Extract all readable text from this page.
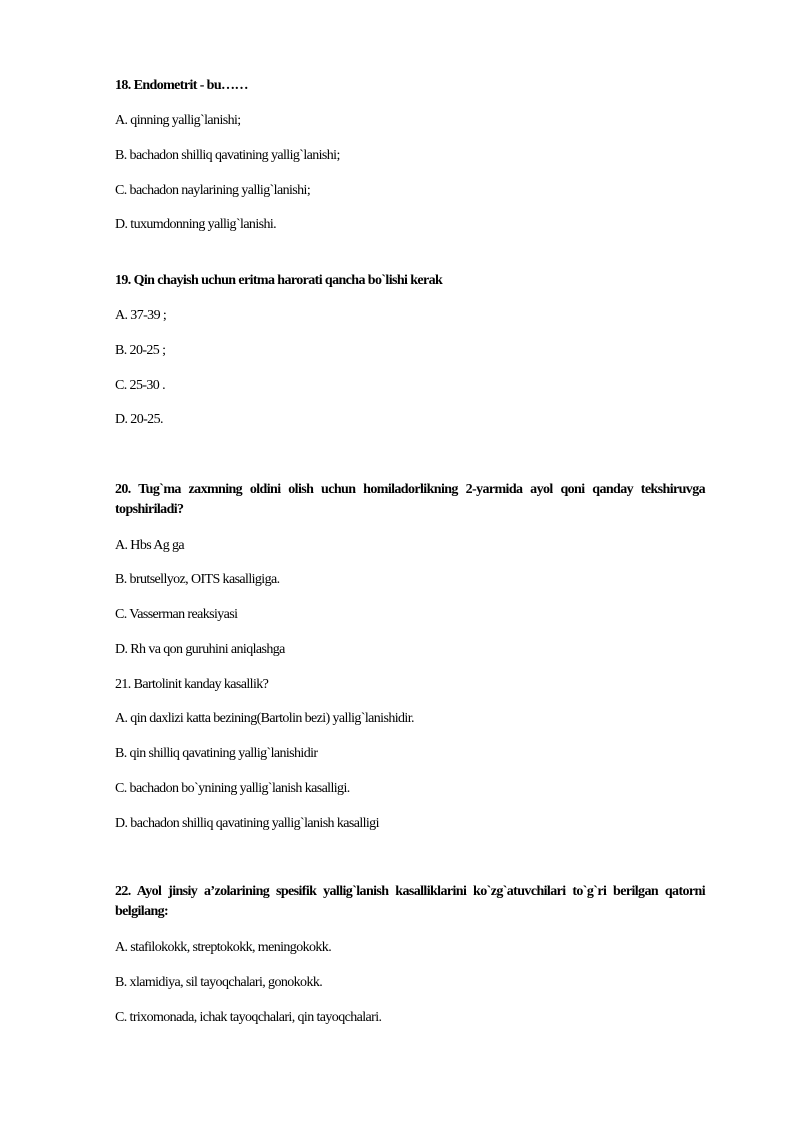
18. Endometrit - bu……
A. qinning yallig`lanishi;
B. bachadon shilliq qavatining yallig`lanishi;
C. bachadon naylarining yallig`lanishi;
D. tuxumdonning yallig`lanishi.
19. Qin chayish uchun eritma harorati qancha bo`lishi kerak
A. 37-39 ;
B. 20-25 ;
C. 25-30 .
D. 20-25.
20. Tug`ma zaxmning oldini olish uchun homiladorlikning 2-yarmida ayol qoni qanday tekshiruvga topshiriladi?
A. Hbs Ag ga
B. brutsellyoz, OITS kasalligiga.
C. Vasserman reaksiyasi
D. Rh va qon guruhini aniqlashga
21. Bartolinit kanday kasallik?
A. qin daxlizi katta bezining(Bartolin bezi) yallig`lanishidir.
B. qin shilliq qavatining yallig`lanishidir
C. bachadon bo`ynining yallig`lanish kasalligi.
D. bachadon shilliq qavatining yallig`lanish kasalligi
22. Ayol jinsiy a’zolarining spesifik yallig`lanish kasalliklarini ko`zg`atuvchilari to`g`ri berilgan qatorni belgilang:
A. stafilokokk, streptokokk, meningokokk.
B. xlamidiya, sil tayoqchalari, gonokokk.
C. trixomonada, ichak tayoqchalari, qin tayoqchalari.
